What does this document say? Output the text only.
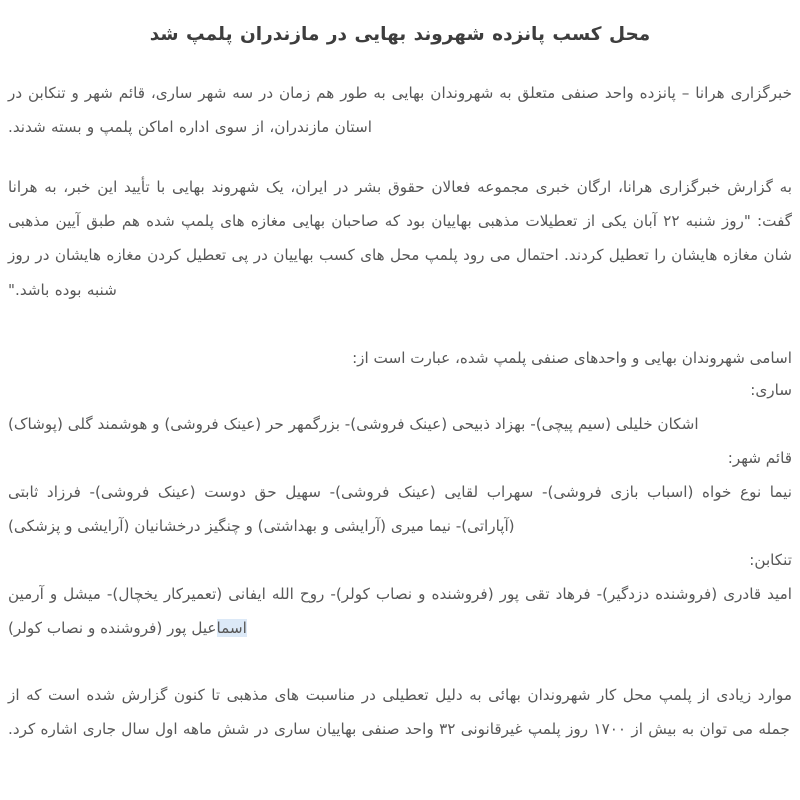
محل کسب پانزده شهروند بهایی در مازندران پلمپ شد

خبرگزاری هرانا – پانزده واحد صنفی متعلق به شهروندان بهایی به طور هم زمان در سه شهر ساری، قائم شهر و تنکابن در استان مازندران، از سوی اداره اماکن پلمپ و بسته شدند.

به گزارش خبرگزاری هرانا، ارگان خبری مجموعه فعالان حقوق بشر در ایران، یک شهروند بهایی با تأیید این خبر، به هرانا گفت: "روز شنبه ۲۲ آبان یکی از تعطیلات مذهبی بهاییان بود که صاحبان بهایی مغازه های پلمپ شده هم طبق آیین مذهبی شان مغازه هایشان را تعطیل کردند. احتمال می رود پلمپ محل های کسب بهاییان در پی تعطیل کردن مغازه هایشان در روز شنبه بوده باشد."

اسامی شهروندان بهایی و واحدهای صنفی پلمپ شده، عبارت است از:

ساری:

اشکان خلیلی (سیم پیچی)- بهزاد ذبیحی (عینک فروشی)- بزرگمهر حر (عینک فروشی) و هوشمند گلی (پوشاک)

قائم شهر:

نیما نوع خواه (اسباب بازی فروشی)- سهراب لقایی (عینک فروشی)- سهیل حق دوست (عینک فروشی)- فرزاد ثابتی (آپاراتی)- نیما میری (آرایشی و بهداشتی) و چنگیز درخشانیان (آرایشی و پزشکی)

تنکابن:

امید قادری (فروشنده دزدگیر)- فرهاد تقی پور (فروشنده و نصاب کولر)- روح الله ایفانی (تعمیرکار یخچال)- میشل و آرمین اسماعیل پور (فروشنده و نصاب کولر)

موارد زیادی از پلمپ محل کار شهروندان بهائی به دلیل تعطیلی در مناسبت های مذهبی تا کنون گزارش شده است که از جمله می توان به بیش از ۱۷۰۰ روز پلمپ غیرقانونی ۳۲ واحد صنفی بهاییان ساری در شش ماهه اول سال جاری اشاره کرد.
